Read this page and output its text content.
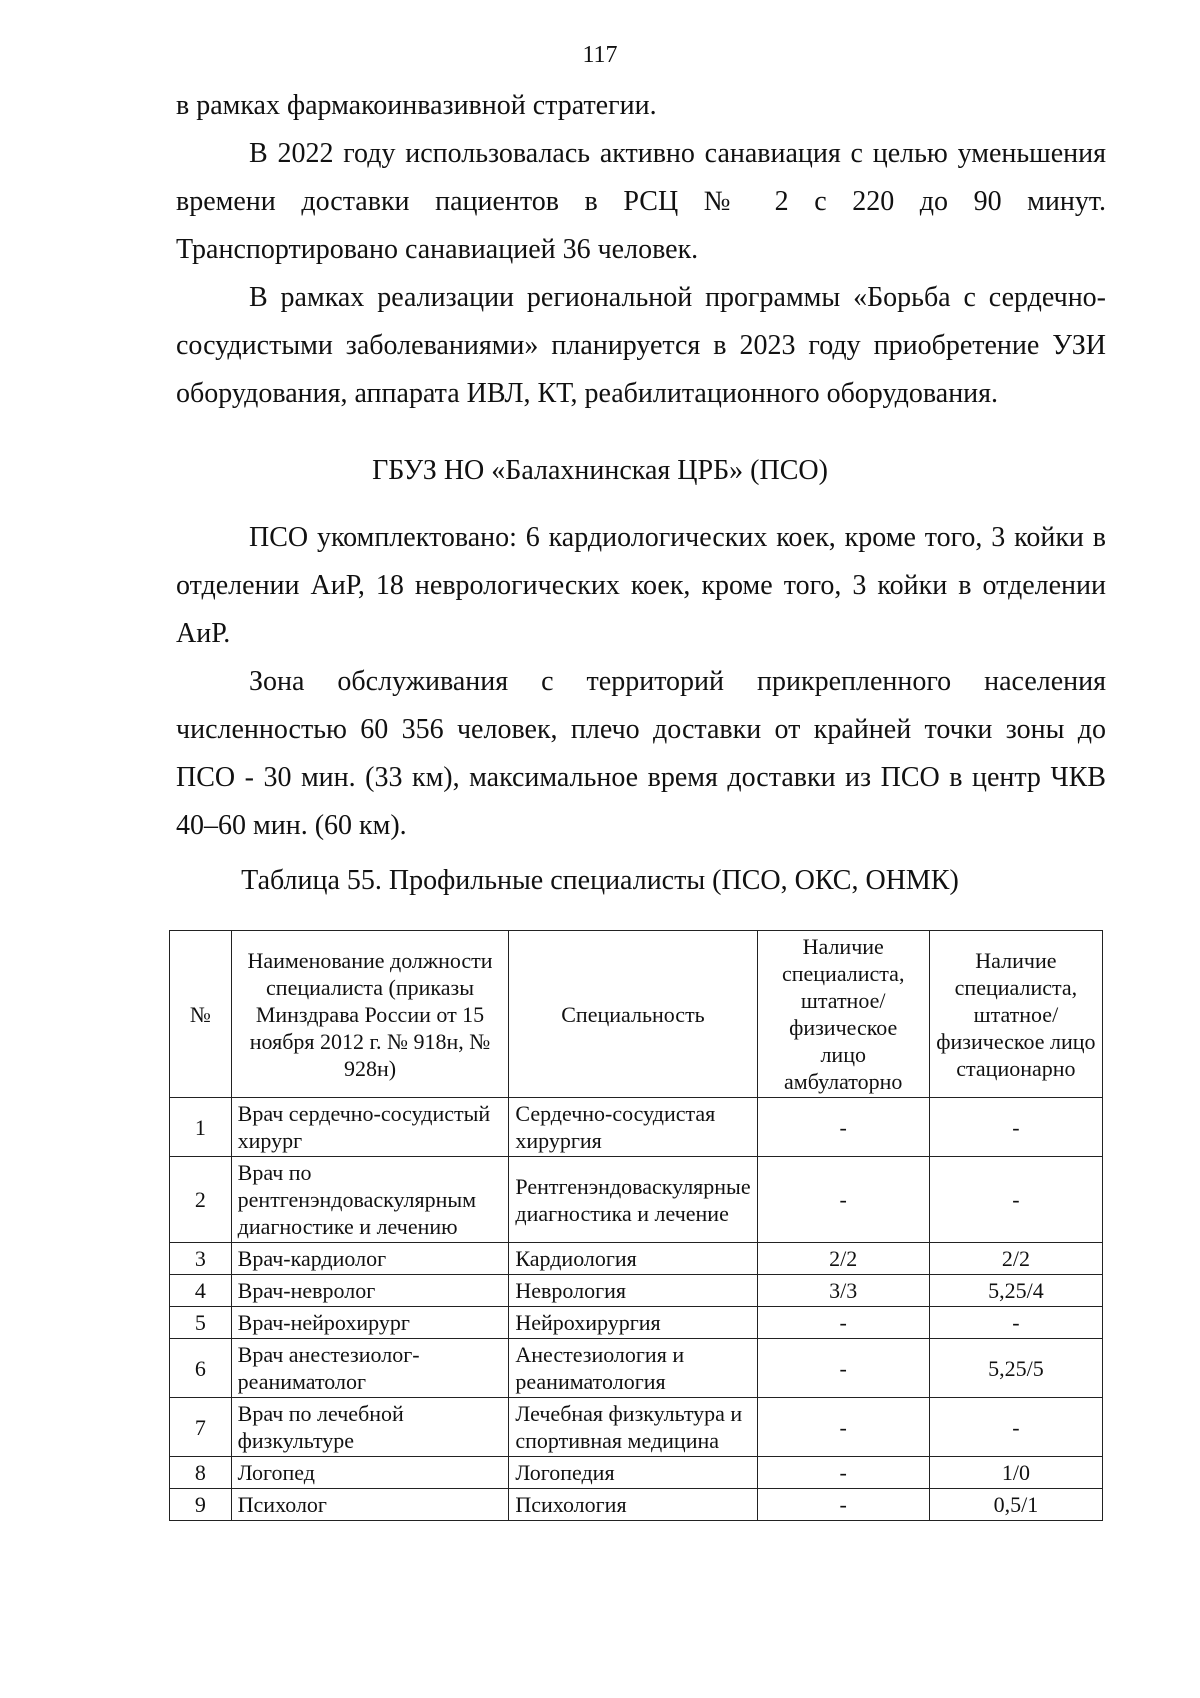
117

в рамках фармакоинвазивной стратегии.

В 2022 году использовалась активно санавиация с целью уменьшения времени доставки пациентов в РСЦ № 2 с 220 до 90 минут. Транспортировано санавиацией 36 человек.

В рамках реализации региональной программы «Борьба с сердечно-сосудистыми заболеваниями» планируется в 2023 году приобретение УЗИ оборудования, аппарата ИВЛ, КТ, реабилитационного оборудования.

ГБУЗ НО «Балахнинская ЦРБ» (ПСО)

ПСО укомплектовано: 6 кардиологических коек, кроме того, 3 койки в отделении АиР, 18 неврологических коек, кроме того, 3 койки в отделении АиР.

Зона обслуживания с территорий прикрепленного населения численностью 60 356 человек, плечо доставки от крайней точки зоны до ПСО - 30 мин. (33 км), максимальное время доставки из ПСО в центр ЧКВ 40–60 мин. (60 км).

Таблица 55. Профильные специалисты (ПСО, ОКС, ОНМК)
№	Наименование должности специалиста (приказы Минздрава России от 15 ноября 2012 г. № 918н, № 928н)	Специальность	Наличие специалиста, штатное/физическое лицо амбулаторно	Наличие специалиста, штатное/физическое лицо стационарно
1	Врач сердечно-сосудистый хирург	Сердечно-сосудистая хирургия	-	-
2	Врач по рентгенэндоваскулярным диагностике и лечению	Рентгенэндоваскулярные диагностика и лечение	-	-
3	Врач-кардиолог	Кардиология	2/2	2/2
4	Врач-невролог	Неврология	3/3	5,25/4
5	Врач-нейрохирург	Нейрохирургия	-	-
6	Врач анестезиолог-реаниматолог	Анестезиология и реаниматология	-	5,25/5
7	Врач по лечебной физкультуре	Лечебная физкультура и спортивная медицина	-	-
8	Логопед	Логопедия	-	1/0
9	Психолог	Психология	-	0,5/1
